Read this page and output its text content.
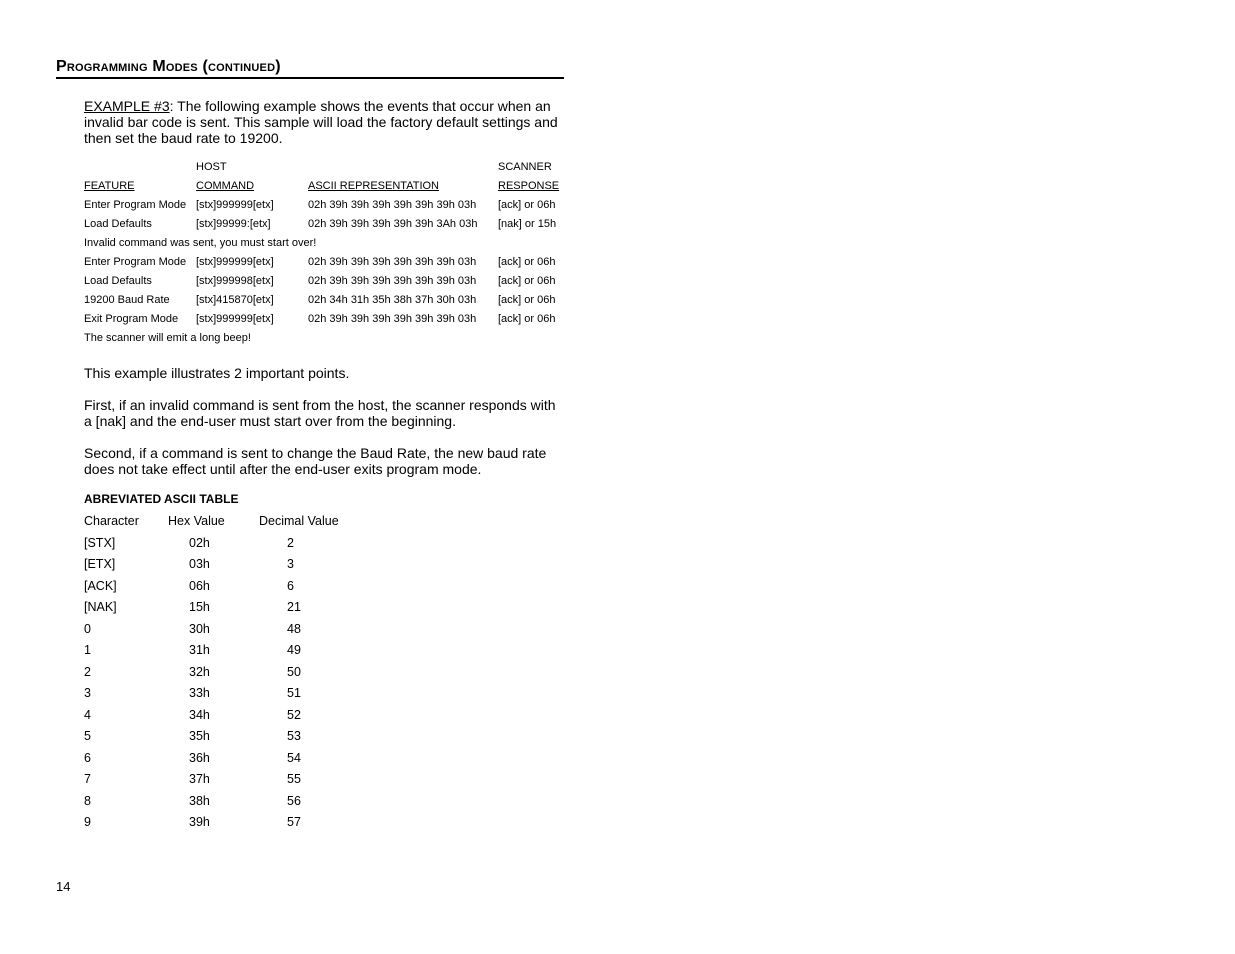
Programming Modes (continued)
EXAMPLE #3: The following example shows the events that occur when an invalid bar code is sent. This sample will load the factory default settings and then set the baud rate to 19200.
HOST	SCANNER
FEATURE	COMMAND	ASCII REPRESENTATION	RESPONSE
Enter Program Mode [stx]999999[etx]	02h 39h 39h 39h 39h 39h 39h 03h [ack] or 06h
Load Defaults	[stx]99999:[etx]	02h 39h 39h 39h 39h 39h 3Ah 03h [nak] or 15h
Invalid command was sent, you must start over!
Enter Program Mode [stx]999999[etx]	02h 39h 39h 39h 39h 39h 39h 03h [ack] or 06h
Load Defaults	[stx]999998[etx]	02h 39h 39h 39h 39h 39h 39h 03h [ack] or 06h
19200 Baud Rate [stx]415870[etx]	02h 34h 31h 35h 38h 37h 30h 03h [ack] or 06h
Exit Program Mode [stx]999999[etx]	02h 39h 39h 39h 39h 39h 39h 03h [ack] or 06h
The scanner will emit a long beep!
This example illustrates 2 important points.
First, if an invalid command is sent from the host, the scanner responds with a [nak] and the end-user must start over from the beginning.
Second, if a command is sent to change the Baud Rate, the new baud rate does not take effect until after the end-user exits program mode.
ABREVIATED ASCII TABLE
Character Hex Value	Decimal Value
[STX]	02h	2
[ETX]	03h	3
[ACK]	06h	6
[NAK]	15h	21
0	30h	48
1	31h	49
2	32h	50
3	33h	51
4	34h	52
5	35h	53
6	36h	54
7	37h	55
8	38h	56
9	39h	57
14
